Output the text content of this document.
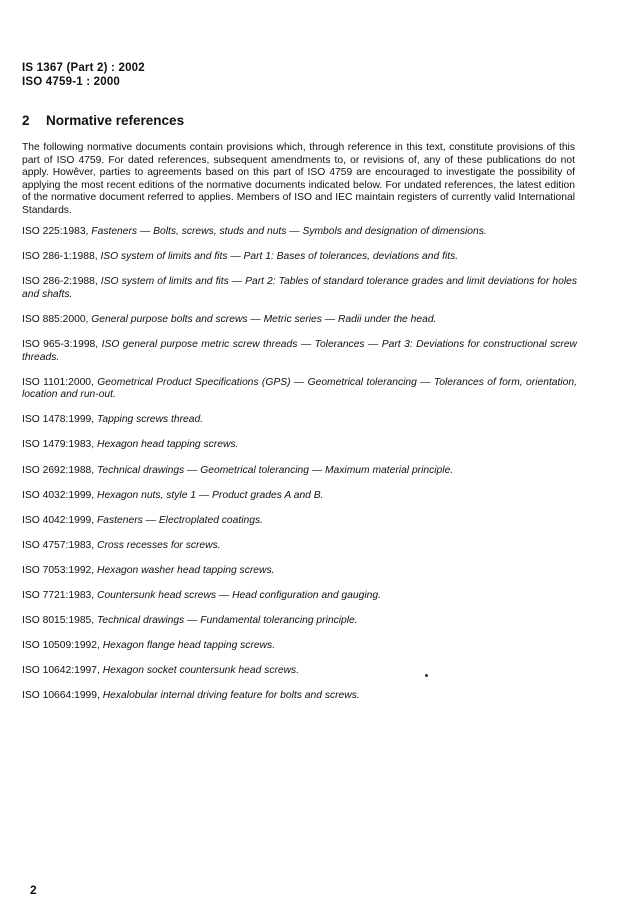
IS 1367 (Part 2) : 2002
ISO 4759-1 : 2000
2 Normative references
The following normative documents contain provisions which, through reference in this text, constitute provisions of this part of ISO 4759. For dated references, subsequent amendments to, or revisions of, any of these publications do not apply. Howêver, parties to agreements based on this part of ISO 4759 are encouraged to investigate the possibility of applying the most recent editions of the normative documents indicated below. For undated references, the latest edition of the normative document referred to applies. Members of ISO and IEC maintain registers of currently valid International Standards.
ISO 225:1983, Fasteners — Bolts, screws, studs and nuts — Symbols and designation of dimensions.
ISO 286-1:1988, ISO system of limits and fits — Part 1: Bases of tolerances, deviations and fits.
ISO 286-2:1988, ISO system of limits and fits — Part 2: Tables of standard tolerance grades and limit deviations for holes and shafts.
ISO 885:2000, General purpose bolts and screws — Metric series — Radii under the head.
ISO 965-3:1998, ISO general purpose metric screw threads — Tolerances — Part 3: Deviations for constructional screw threads.
ISO 1101:2000, Geometrical Product Specifications (GPS) — Geometrical tolerancing — Tolerances of form, orientation, location and run-out.
ISO 1478:1999, Tapping screws thread.
ISO 1479:1983, Hexagon head tapping screws.
ISO 2692:1988, Technical drawings — Geometrical tolerancing — Maximum material principle.
ISO 4032:1999, Hexagon nuts, style 1 — Product grades A and B.
ISO 4042:1999, Fasteners — Electroplated coatings.
ISO 4757:1983, Cross recesses for screws.
ISO 7053:1992, Hexagon washer head tapping screws.
ISO 7721:1983, Countersunk head screws — Head configuration and gauging.
ISO 8015:1985, Technical drawings — Fundamental tolerancing principle.
ISO 10509:1992, Hexagon flange head tapping screws.
ISO 10642:1997, Hexagon socket countersunk head screws.
ISO 10664:1999, Hexalobular internal driving feature for bolts and screws.
2
